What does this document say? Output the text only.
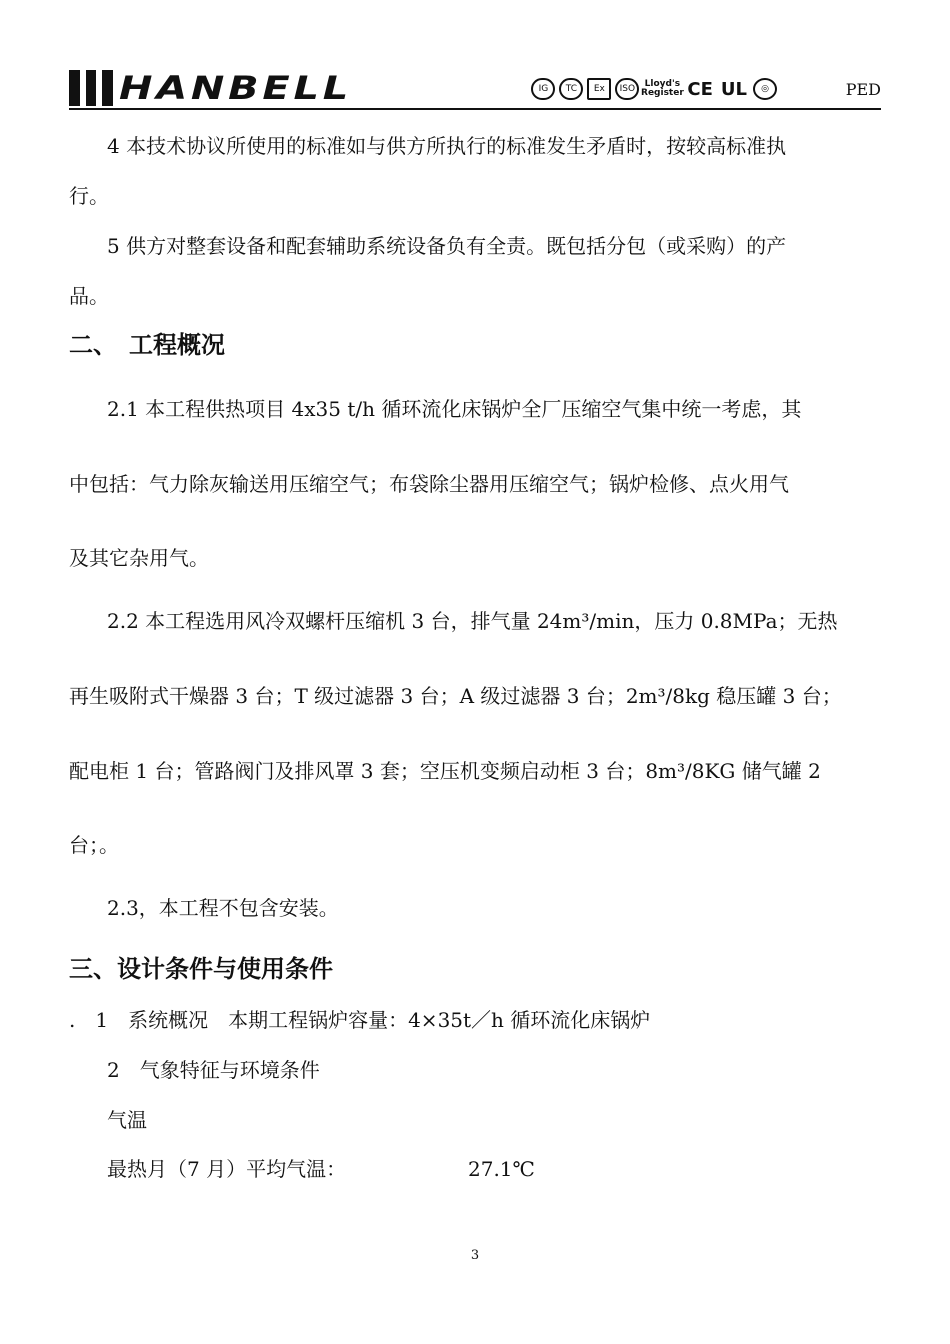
HANBELL	IG	TC	Ex	ISO	Lloyd's Register CE UL	◎	PED
4 本技术协议所使用的标准如与供方所执行的标准发生矛盾时，按较高标准执
行。
5 供方对整套设备和配套辅助系统设备负有全责。既包括分包（或采购）的产
品。
二、　工程概况
2.1 本工程供热项目 4x35 t/h 循环流化床锅炉全厂压缩空气集中统一考虑，其
中包括：气力除灰输送用压缩空气；布袋除尘器用压缩空气；锅炉检修、点火用气
及其它杂用气。
2.2 本工程选用风冷双螺杆压缩机 3 台，排气量 24m³/min，压力 0.8MPa；无热
再生吸附式干燥器 3 台；T 级过滤器 3 台；A 级过滤器 3 台；2m³/8kg 稳压罐 3 台；
配电柜 1 台；管路阀门及排风罩 3 套；空压机变频启动柜 3 台；8m³/8KG 储气罐 2
台；。
2.3，本工程不包含安装。
三、设计条件与使用条件
.　1　系统概况　本期工程锅炉容量：4×35t／h 循环流化床锅炉
2　气象特征与环境条件
气温
最热月（7 月）平均气温：	27.1℃
3
